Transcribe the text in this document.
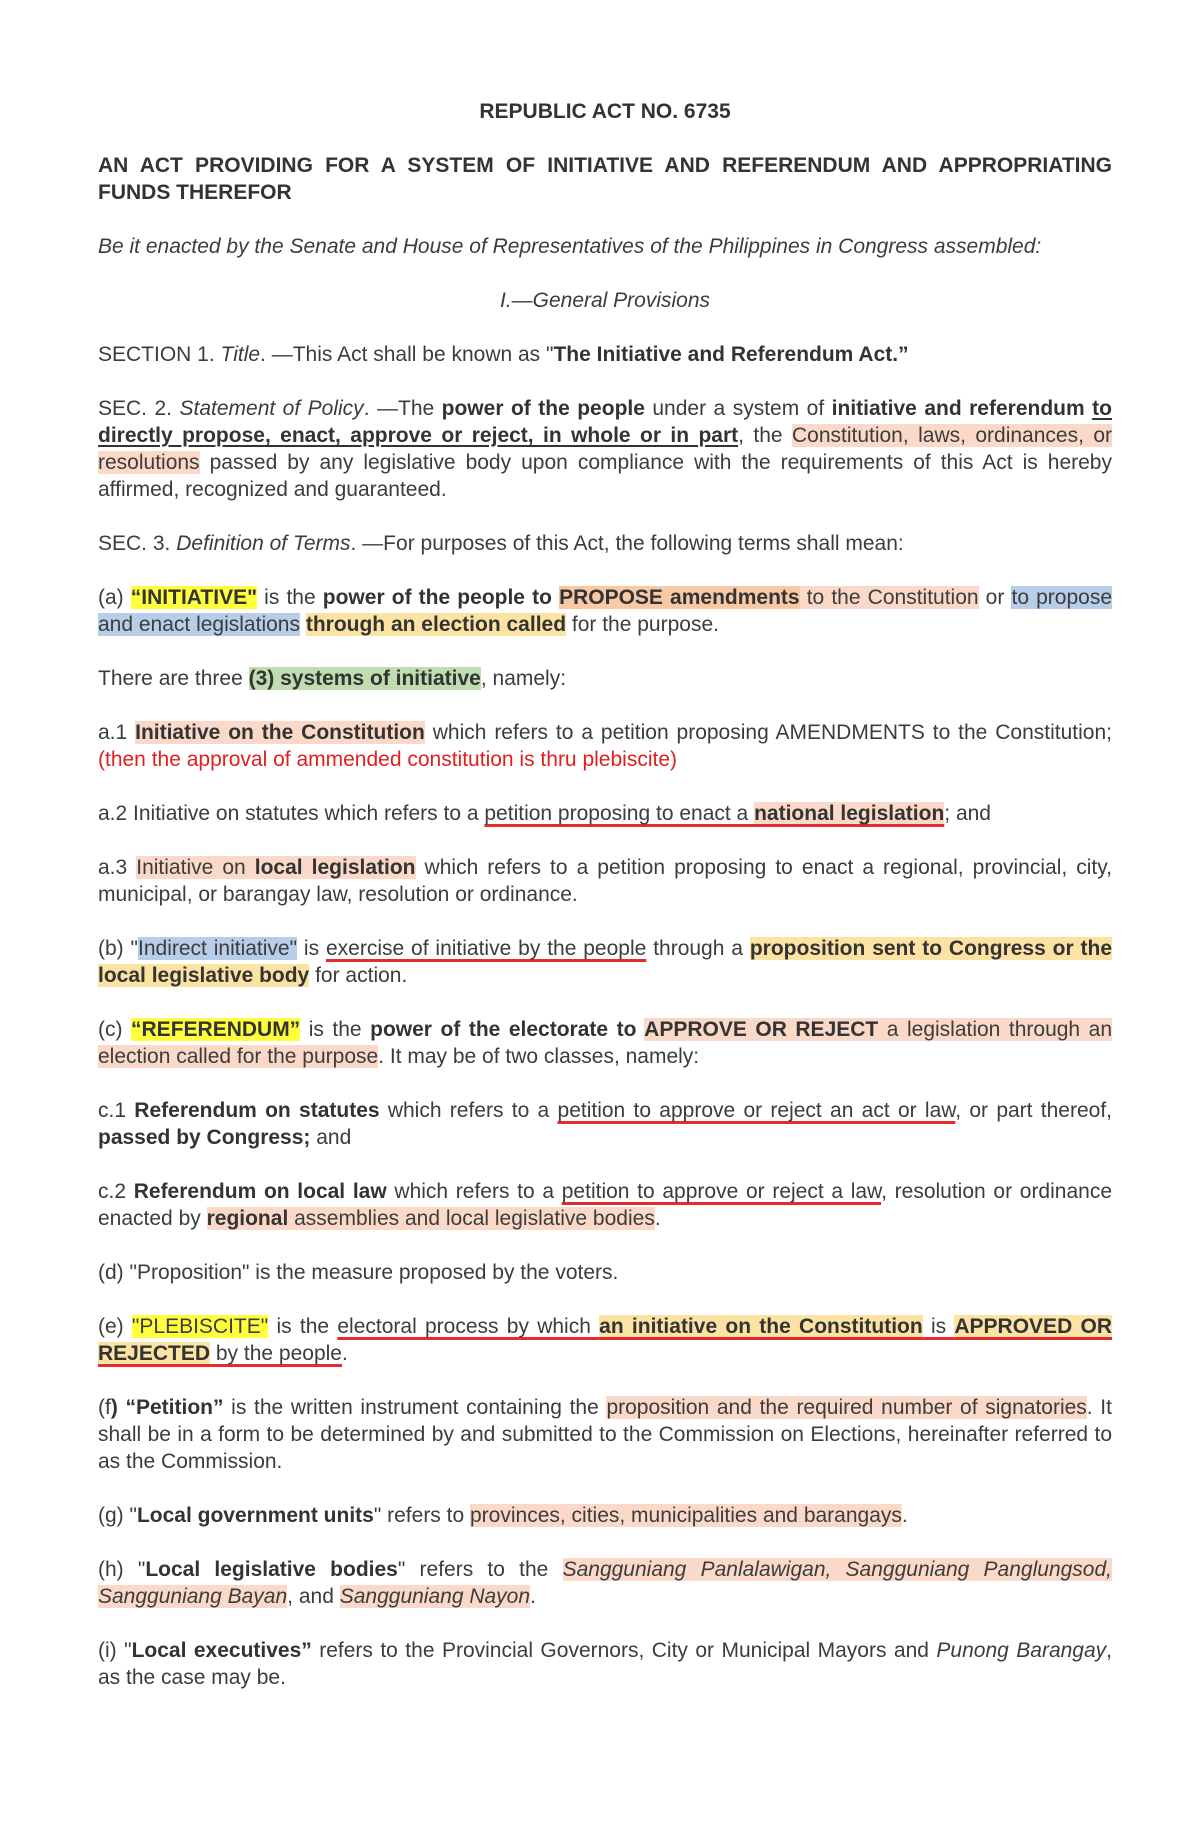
REPUBLIC ACT NO. 6735

AN ACT PROVIDING FOR A SYSTEM OF INITIATIVE AND REFERENDUM AND APPROPRIATING FUNDS THEREFOR

Be it enacted by the Senate and House of Representatives of the Philippines in Congress assembled:

I.—General Provisions

SECTION 1. Title. —This Act shall be known as "The Initiative and Referendum Act.”

SEC. 2. Statement of Policy. —The power of the people under a system of initiative and referendum to directly propose, enact, approve or reject, in whole or in part, the Constitution, laws, ordinances, or resolutions passed by any legislative body upon compliance with the requirements of this Act is hereby affirmed, recognized and guaranteed.

SEC. 3. Definition of Terms. —For purposes of this Act, the following terms shall mean:

(a) “INITIATIVE" is the power of the people to PROPOSE amendments to the Constitution or to propose and enact legislations through an election called for the purpose.

There are three (3) systems of initiative, namely:

a.1 Initiative on the Constitution which refers to a petition proposing AMENDMENTS to the Constitution; (then the approval of ammended constitution is thru plebiscite)

a.2 Initiative on statutes which refers to a petition proposing to enact a national legislation; and

a.3 Initiative on local legislation which refers to a petition proposing to enact a regional, provincial, city, municipal, or barangay law, resolution or ordinance.

(b) "Indirect initiative" is exercise of initiative by the people through a proposition sent to Congress or the local legislative body for action.

(c) “REFERENDUM” is the power of the electorate to APPROVE OR REJECT a legislation through an election called for the purpose. It may be of two classes, namely:

c.1 Referendum on statutes which refers to a petition to approve or reject an act or law, or part thereof, passed by Congress; and

c.2 Referendum on local law which refers to a petition to approve or reject a law, resolution or ordinance enacted by regional assemblies and local legislative bodies.

(d) "Proposition" is the measure proposed by the voters.

(e) "PLEBISCITE" is the electoral process by which an initiative on the Constitution is APPROVED OR REJECTED by the people.

(f) “Petition” is the written instrument containing the proposition and the required number of signatories. It shall be in a form to be determined by and submitted to the Commission on Elections, hereinafter referred to as the Commission.

(g) "Local government units" refers to provinces, cities, municipalities and barangays.

(h) "Local legislative bodies" refers to the Sangguniang Panlalawigan, Sangguniang Panglungsod, Sangguniang Bayan, and Sangguniang Nayon.

(i) "Local executives” refers to the Provincial Governors, City or Municipal Mayors and Punong Barangay, as the case may be.
